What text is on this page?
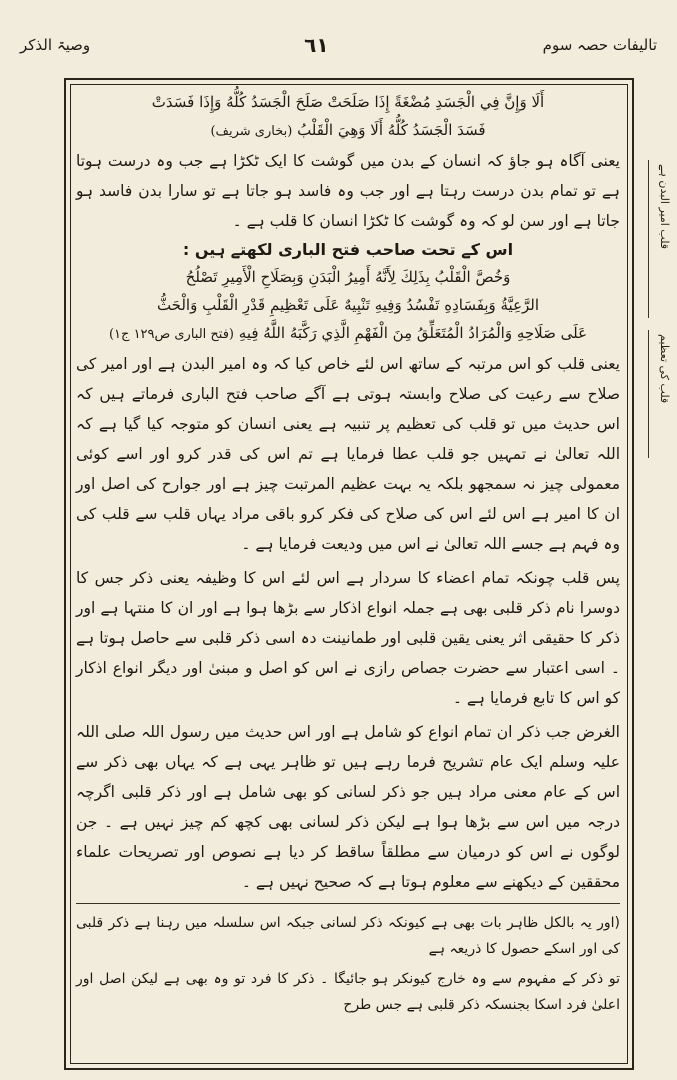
تالیفات حصہ سوم
٦١
وصیۃ الذکر
قلب امیر البدن ہے
قلب کی تعظیم
أَلَا وَإِنَّ فِي الْجَسَدِ مُضْغَةً إِذَا صَلَحَتْ صَلَحَ الْجَسَدُ كُلُّهُ وَإِذَا فَسَدَتْ
فَسَدَ الْجَسَدُ كُلُّهُ أَلَا وَهِيَ الْقَلْبُ (بخاری شریف)

یعنی آگاہ ہو جاؤ کہ انسان کے بدن میں گوشت کا ایک ٹکڑا ہے جب وہ درست ہوتا ہے تو تمام بدن درست رہتا ہے اور جب وہ فاسد ہو جاتا ہے تو سارا بدن فاسد ہو جاتا ہے اور سن لو کہ وہ گوشت کا ٹکڑا انسان کا قلب ہے ۔

اس کے تحت صاحب فتح الباری لکھتے ہیں :
وَخُصَّ الْقَلْبُ بِذَلِكَ لِأَنَّهُ أَمِيرُ الْبَدَنِ وَبِصَلَاحِ الْأَمِيرِ تَصْلُحُ
الرَّعِيَّةُ وَبِفَسَادِهِ تَفْسُدُ وَفِيهِ تَنْبِيهٌ عَلَى تَعْظِيمِ قَدْرِ الْقَلْبِ وَالْحَثُّ
عَلَى صَلَاحِهِ وَالْمُرَادُ الْمُتَعَلِّقُ مِنَ الْفَهْمِ الَّذِي رَكَّبَهُ اللَّهُ فِيهِ (فتح الباری ص١٢٩ ج١)

یعنی قلب کو اس مرتبہ کے ساتھ اس لئے خاص کیا کہ وہ امیر البدن ہے اور امیر کی صلاح سے رعیت کی صلاح وابستہ ہوتی ہے آگے صاحب فتح الباری فرماتے ہیں کہ اس حدیث میں تو قلب کی تعظیم پر تنبیہ ہے یعنی انسان کو متوجہ کیا گیا ہے کہ اللہ تعالیٰ نے تمہیں جو قلب عطا فرمایا ہے تم اس کی قدر کرو اور اسے کوئی معمولی چیز نہ سمجھو بلکہ یہ بہت عظیم المرتبت چیز ہے اور جوارح کی اصل اور ان کا امیر ہے اس لئے اس کی صلاح کی فکر کرو باقی مراد یہاں قلب سے قلب کی وہ فہم ہے جسے اللہ تعالیٰ نے اس میں ودیعت فرمایا ہے ۔

پس قلب چونکہ تمام اعضاء کا سردار ہے اس لئے اس کا وظیفہ یعنی ذکر جس کا دوسرا نام ذکر قلبی بھی ہے جملہ انواع اذکار سے بڑھا ہوا ہے اور ان کا منتہا ہے اور ذکر کا حقیقی اثر یعنی یقین قلبی اور طمانینت دہ اسی ذکر قلبی سے حاصل ہوتا ہے ۔ اسی اعتبار سے حضرت جصاص رازی نے اس کو اصل و مبنیٰ اور دیگر انواع اذکار کو اس کا تابع فرمایا ہے ۔

الغرض جب ذکر ان تمام انواع کو شامل ہے اور اس حدیث میں رسول اللہ صلی اللہ علیہ وسلم ایک عام تشریح فرما رہے ہیں تو ظاہر یہی ہے کہ یہاں بھی ذکر سے اس کے عام معنی مراد ہیں جو ذکر لسانی کو بھی شامل ہے اور ذکر قلبی اگرچہ درجہ میں اس سے بڑھا ہوا ہے لیکن ذکر لسانی بھی کچھ کم چیز نہیں ہے ۔ جن لوگوں نے اس کو درمیان سے مطلقاً ساقط کر دیا ہے نصوص اور تصریحات علماء محققین کے دیکھنے سے معلوم ہوتا ہے کہ صحیح نہیں ہے ۔

(اور یہ بالکل ظاہر بات بھی ہے کیونکہ ذکر لسانی جبکہ اس سلسلہ میں رہنا ہے ذکر قلبی کی اور اسکے حصول کا ذریعہ ہے

تو ذکر کے مفہوم سے وہ خارج کیونکر ہو جائیگا ۔ ذکر کا فرد تو وہ بھی ہے لیکن اصل اور اعلیٰ فرد اسکا بجنسکہ ذکر قلبی ہے جس طرح
